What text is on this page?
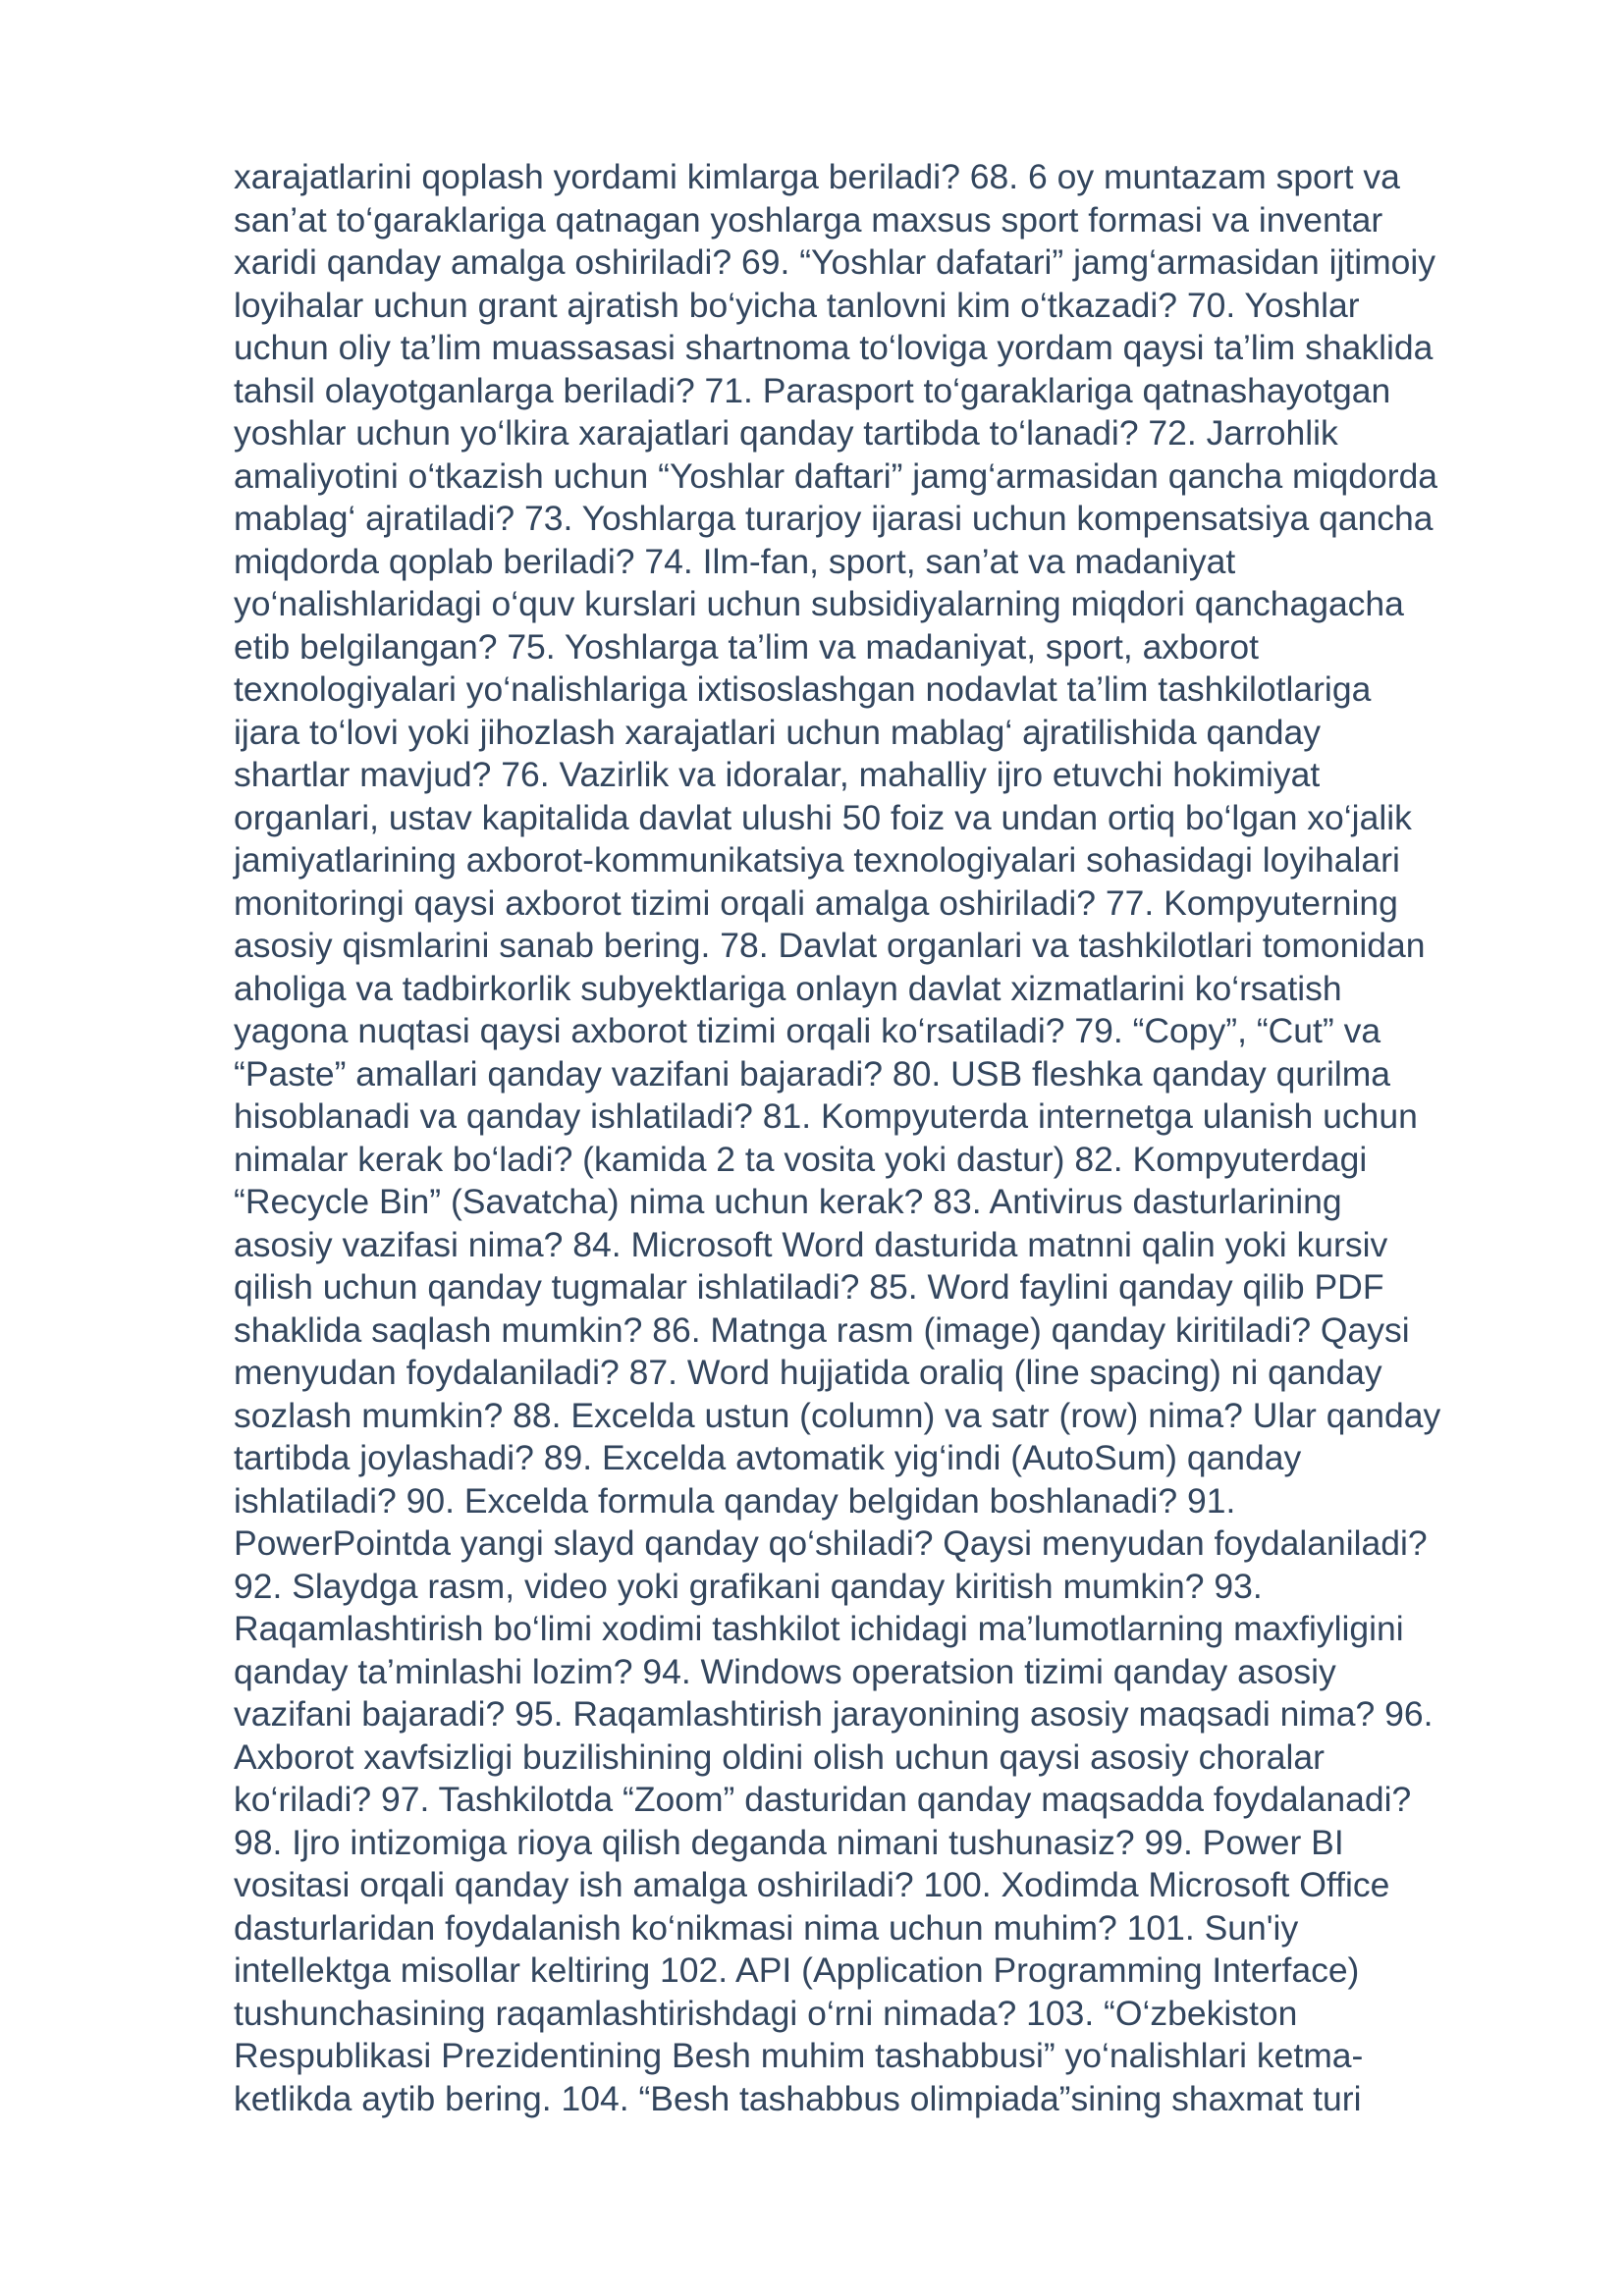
xarajatlarini qoplash yordami kimlarga beriladi? 68. 6 oy muntazam sport va
san’at to‘garaklariga qatnagan yoshlarga maxsus sport formasi va inventar
xaridi qanday amalga oshiriladi? 69. “Yoshlar dafatari” jamg‘armasidan ijtimoiy
loyihalar uchun grant ajratish bo‘yicha tanlovni kim o‘tkazadi? 70. Yoshlar
uchun oliy ta’lim muassasasi shartnoma to‘loviga yordam qaysi ta’lim shaklida
tahsil olayotganlarga beriladi? 71. Parasport to‘garaklariga qatnashayotgan
yoshlar uchun yo‘lkira xarajatlari qanday tartibda to‘lanadi? 72. Jarrohlik
amaliyotini o‘tkazish uchun “Yoshlar daftari” jamg‘armasidan qancha miqdorda
mablag‘ ajratiladi? 73. Yoshlarga turarjoy ijarasi uchun kompensatsiya qancha
miqdorda qoplab beriladi? 74. Ilm-fan, sport, san’at va madaniyat
yo‘nalishlaridagi o‘quv kurslari uchun subsidiyalarning miqdori qanchagacha
etib belgilangan? 75. Yoshlarga ta’lim va madaniyat, sport, axborot
texnologiyalari yo‘nalishlariga ixtisoslashgan nodavlat ta’lim tashkilotlariga
ijara to‘lovi yoki jihozlash xarajatlari uchun mablag‘ ajratilishida qanday
shartlar mavjud? 76. Vazirlik va idoralar, mahalliy ijro etuvchi hokimiyat
organlari, ustav kapitalida davlat ulushi 50 foiz va undan ortiq bo‘lgan xo‘jalik
jamiyatlarining axborot-kommunikatsiya texnologiyalari sohasidagi loyihalari
monitoringi qaysi axborot tizimi orqali amalga oshiriladi? 77. Kompyuterning
asosiy qismlarini sanab bering. 78. Davlat organlari va tashkilotlari tomonidan
aholiga va tadbirkorlik subyektlariga onlayn davlat xizmatlarini ko‘rsatish
yagona nuqtasi qaysi axborot tizimi orqali ko‘rsatiladi? 79. “Copy”, “Cut” va
“Paste” amallari qanday vazifani bajaradi? 80. USB fleshka qanday qurilma
hisoblanadi va qanday ishlatiladi? 81. Kompyuterda internetga ulanish uchun
nimalar kerak bo‘ladi? (kamida 2 ta vosita yoki dastur) 82. Kompyuterdagi
“Recycle Bin” (Savatcha) nima uchun kerak? 83. Antivirus dasturlarining
asosiy vazifasi nima? 84. Microsoft Word dasturida matnni qalin yoki kursiv
qilish uchun qanday tugmalar ishlatiladi? 85. Word faylini qanday qilib PDF
shaklida saqlash mumkin? 86. Matnga rasm (image) qanday kiritiladi? Qaysi
menyudan foydalaniladi? 87. Word hujjatida oraliq (line spacing) ni qanday
sozlash mumkin? 88. Excelda ustun (column) va satr (row) nima? Ular qanday
tartibda joylashadi? 89. Excelda avtomatik yig‘indi (AutoSum) qanday
ishlatiladi? 90. Excelda formula qanday belgidan boshlanadi? 91.
PowerPointda yangi slayd qanday qo‘shiladi? Qaysi menyudan foydalaniladi?
92. Slaydga rasm, video yoki grafikani qanday kiritish mumkin? 93.
Raqamlashtirish bo‘limi xodimi tashkilot ichidagi ma’lumotlarning maxfiyligini
qanday ta’minlashi lozim? 94. Windows operatsion tizimi qanday asosiy
vazifani bajaradi? 95. Raqamlashtirish jarayonining asosiy maqsadi nima? 96.
Axborot xavfsizligi buzilishining oldini olish uchun qaysi asosiy choralar
ko‘riladi? 97. Tashkilotda “Zoom” dasturidan qanday maqsadda foydalanadi?
98. Ijro intizomiga rioya qilish deganda nimani tushunasiz? 99. Power BI
vositasi orqali qanday ish amalga oshiriladi? 100. Xodimda Microsoft Office
dasturlaridan foydalanish ko‘nikmasi nima uchun muhim? 101. Sun'iy
intellektga misollar keltiring 102. API (Application Programming Interface)
tushunchasining raqamlashtirishdagi o‘rni nimada? 103. “O‘zbekiston
Respublikasi Prezidentining Besh muhim tashabbusi” yo‘nalishlari ketma-
ketlikda aytib bering. 104. “Besh tashabbus olimpiada”sining shaxmat turi
